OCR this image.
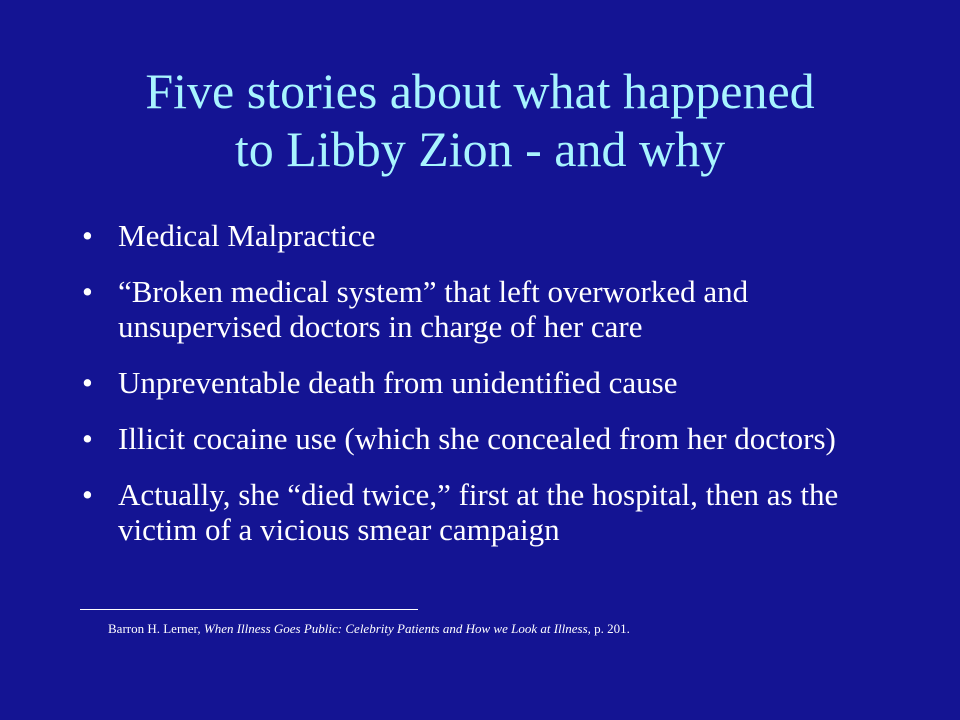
Five stories about what happened
to Libby Zion - and why
• Medical Malpractice
• “Broken medical system” that left overworked and unsupervised doctors in charge of her care
• Unpreventable death from unidentified cause
• Illicit cocaine use (which she concealed from her doctors)
• Actually, she “died twice,” first at the hospital, then as the victim of a vicious smear campaign
Barron H. Lerner, When Illness Goes Public: Celebrity Patients and How we Look at Illness, p. 201.
